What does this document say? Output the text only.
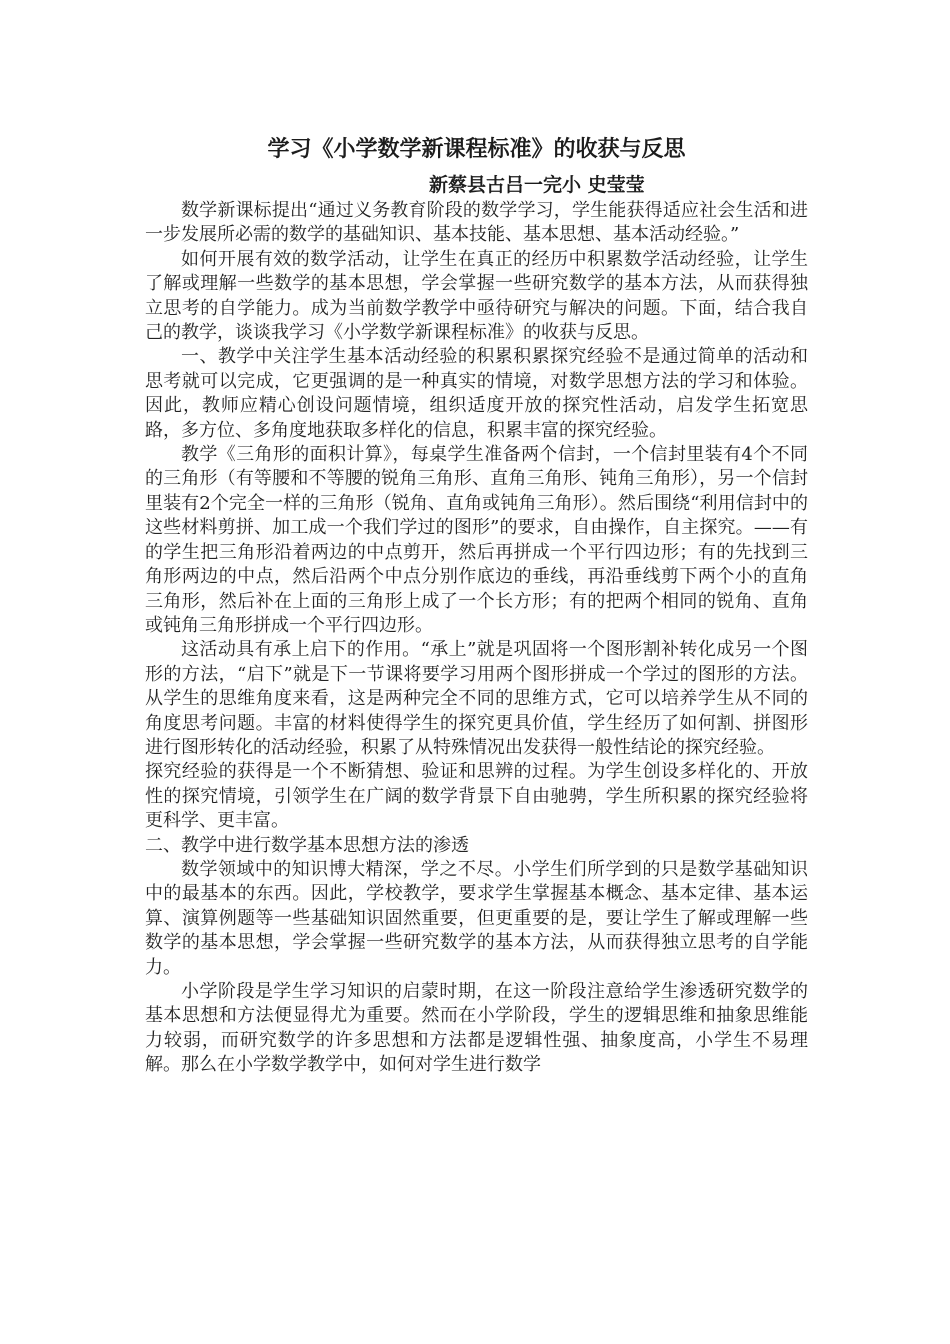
学习《小学数学新课程标准》的收获与反思

新蔡县古吕一完小 史莹莹

数学新课标提出“通过义务教育阶段的数学学习，学生能获得适应社会生活和进一步发展所必需的数学的基础知识、基本技能、基本思想、基本活动经验。”

如何开展有效的数学活动，让学生在真正的经历中积累数学活动经验，让学生了解或理解一些数学的基本思想，学会掌握一些研究数学的基本方法，从而获得独立思考的自学能力。成为当前数学教学中亟待研究与解决的问题。下面，结合我自己的教学，谈谈我学习《小学数学新课程标准》的收获与反思。

一、教学中关注学生基本活动经验的积累积累探究经验不是通过简单的活动和思考就可以完成，它更强调的是一种真实的情境，对数学思想方法的学习和体验。因此，教师应精心创设问题情境，组织适度开放的探究性活动，启发学生拓宽思路，多方位、多角度地获取多样化的信息，积累丰富的探究经验。

教学《三角形的面积计算》，每桌学生准备两个信封，一个信封里装有4个不同的三角形（有等腰和不等腰的锐角三角形、直角三角形、钝角三角形），另一个信封里装有2个完全一样的三角形（锐角、直角或钝角三角形）。然后围绕“利用信封中的这些材料剪拼、加工成一个我们学过的图形”的要求，自由操作，自主探究。——有的学生把三角形沿着两边的中点剪开，然后再拼成一个平行四边形；有的先找到三角形两边的中点，然后沿两个中点分别作底边的垂线，再沿垂线剪下两个小的直角三角形，然后补在上面的三角形上成了一个长方形；有的把两个相同的锐角、直角或钝角三角形拼成一个平行四边形。

这活动具有承上启下的作用。“承上”就是巩固将一个图形割补转化成另一个图形的方法，“启下”就是下一节课将要学习用两个图形拼成一个学过的图形的方法。从学生的思维角度来看，这是两种完全不同的思维方式，它可以培养学生从不同的角度思考问题。丰富的材料使得学生的探究更具价值，学生经历了如何割、拼图形进行图形转化的活动经验，积累了从特殊情况出发获得一般性结论的探究经验。

探究经验的获得是一个不断猜想、验证和思辨的过程。为学生创设多样化的、开放性的探究情境，引领学生在广阔的数学背景下自由驰骋，学生所积累的探究经验将更科学、更丰富。

二、教学中进行数学基本思想方法的渗透

数学领域中的知识博大精深，学之不尽。小学生们所学到的只是数学基础知识中的最基本的东西。因此，学校教学，要求学生掌握基本概念、基本定律、基本运算、演算例题等一些基础知识固然重要，但更重要的是，要让学生了解或理解一些数学的基本思想，学会掌握一些研究数学的基本方法，从而获得独立思考的自学能力。

小学阶段是学生学习知识的启蒙时期，在这一阶段注意给学生渗透研究数学的基本思想和方法便显得尤为重要。然而在小学阶段，学生的逻辑思维和抽象思维能力较弱，而研究数学的许多思想和方法都是逻辑性强、抽象度高，小学生不易理解。那么在小学数学教学中，如何对学生进行数学
